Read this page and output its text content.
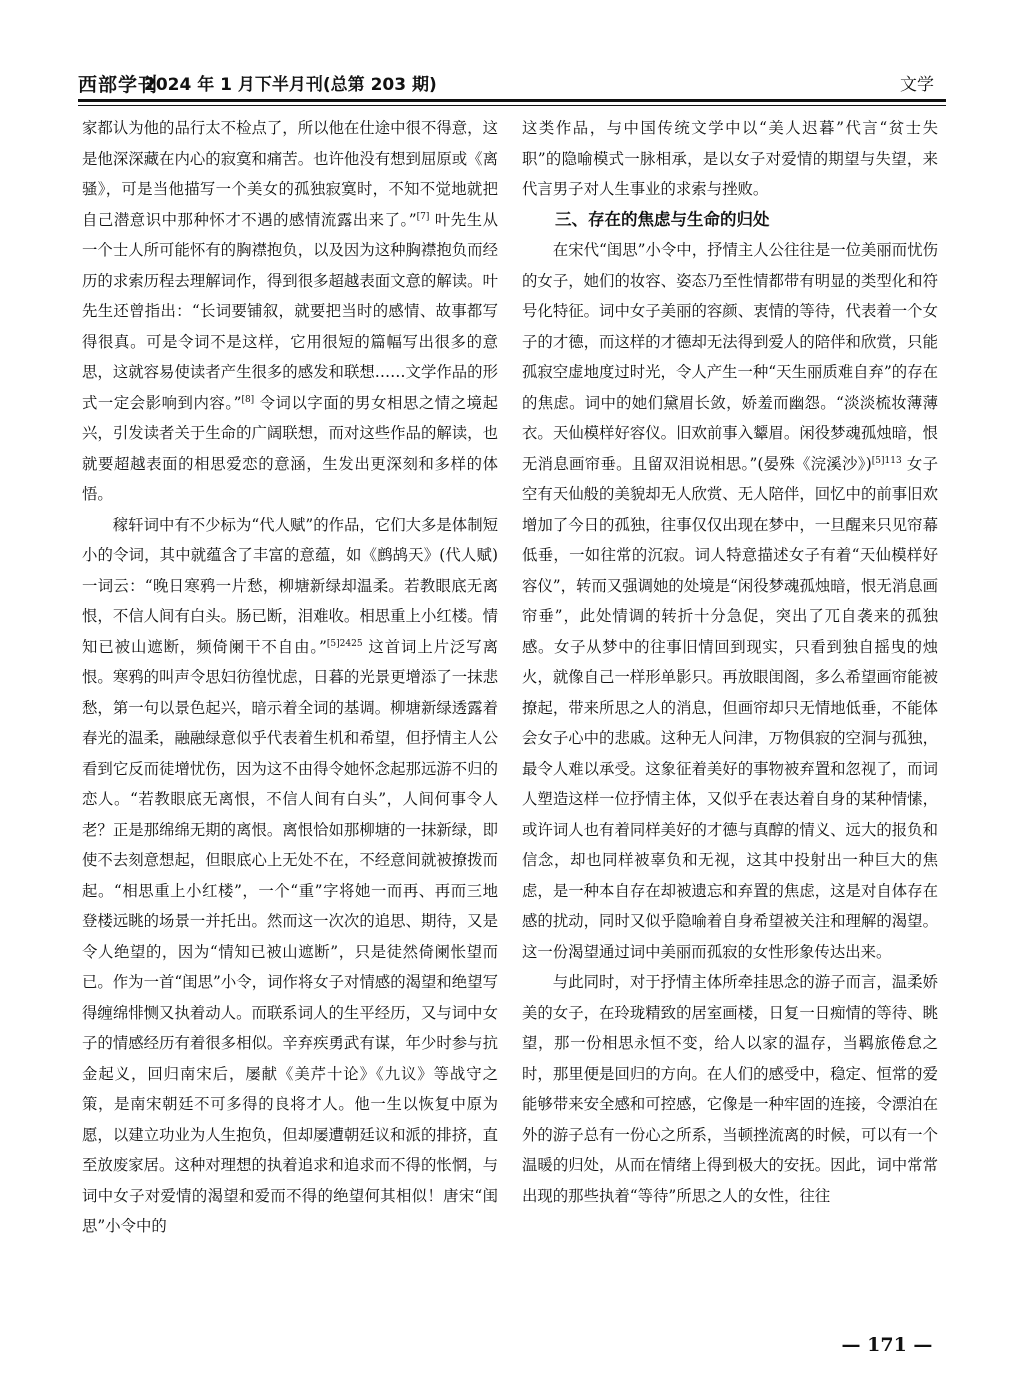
西部学刊
2024 年 1 月下半月刊(总第 203 期)	文学

家都认为他的品行太不检点了，所以他在仕途中很不得意，这是他深深藏在内心的寂寞和痛苦。也许他没有想到屈原或《离骚》，可是当他描写一个美女的孤独寂寞时，不知不觉地就把自己潜意识中那种怀才不遇的感情流露出来了。”[7] 叶先生从一个士人所可能怀有的胸襟抱负，以及因为这种胸襟抱负而经历的求索历程去理解词作，得到很多超越表面文意的解读。叶先生还曾指出：“长词要铺叙，就要把当时的感情、故事都写得很真。可是令词不是这样，它用很短的篇幅写出很多的意思，这就容易使读者产生很多的感发和联想……文学作品的形式一定会影响到内容。”[8] 令词以字面的男女相思之情之境起兴，引发读者关于生命的广阔联想，而对这些作品的解读，也就要超越表面的相思爱恋的意涵，生发出更深刻和多样的体悟。

稼轩词中有不少标为“代人赋”的作品，它们大多是体制短小的令词，其中就蕴含了丰富的意蕴，如《鹧鸪天》(代人赋)一词云：“晚日寒鸦一片愁，柳塘新绿却温柔。若教眼底无离恨，不信人间有白头。肠已断，泪难收。相思重上小红楼。情知已被山遮断，频倚阑干不自由。”$^{[5]2425}$ 这首词上片泛写离恨。寒鸦的叫声令思妇彷徨忧虑，日暮的光景更增添了一抹悲愁，第一句以景色起兴，暗示着全词的基调。柳塘新绿透露着春光的温柔，融融绿意似乎代表着生机和希望，但抒情主人公看到它反而徒增忧伤，因为这不由得令她怀念起那远游不归的恋人。“若教眼底无离恨，不信人间有白头”，人间何事令人老？正是那绵绵无期的离恨。离恨恰如那柳塘的一抹新绿，即使不去刻意想起，但眼底心上无处不在，不经意间就被撩拨而起。“相思重上小红楼”，一个“重”字将她一而再、再而三地登楼远眺的场景一并托出。然而这一次次的追思、期待，又是令人绝望的，因为“情知已被山遮断”，只是徒然倚阑怅望而已。作为一首“闺思”小令，词作将女子对情感的渴望和绝望写得缠绵悱恻又执着动人。而联系词人的生平经历，又与词中女子的情感经历有着很多相似。辛弃疾勇武有谋，年少时参与抗金起义，回归南宋后，屡献《美芹十论》《九议》等战守之策，是南宋朝廷不可多得的良将才人。他一生以恢复中原为愿，以建立功业为人生抱负，但却屡遭朝廷议和派的排挤，直至放废家居。这种对理想的执着追求和追求而不得的怅惘，与词中女子对爱情的渴望和爱而不得的绝望何其相似！唐宋“闺思”小令中的

这类作品，与中国传统文学中以“美人迟暮”代言“贫士失职”的隐喻模式一脉相承，是以女子对爱情的期望与失望，来代言男子对人生事业的求索与挫败。

三、存在的焦虑与生命的归处

在宋代“闺思”小令中，抒情主人公往往是一位美丽而忧伤的女子，她们的妆容、姿态乃至性情都带有明显的类型化和符号化特征。词中女子美丽的容颜、衷情的等待，代表着一个女子的才德，而这样的才德却无法得到爱人的陪伴和欣赏，只能孤寂空虚地度过时光，令人产生一种“天生丽质难自弃”的存在的焦虑。词中的她们黛眉长敛，娇羞而幽怨。“淡淡梳妆薄薄衣。天仙模样好容仪。旧欢前事入颦眉。闲役梦魂孤烛暗，恨无消息画帘垂。且留双泪说相思。”(晏殊《浣溪沙》)$^{[5]113}$ 女子空有天仙般的美貌却无人欣赏、无人陪伴，回忆中的前事旧欢增加了今日的孤独，往事仅仅出现在梦中，一旦醒来只见帘幕低垂，一如往常的沉寂。词人特意描述女子有着“天仙模样好容仪”，转而又强调她的处境是“闲役梦魂孤烛暗，恨无消息画帘垂”，此处情调的转折十分急促，突出了兀自袭来的孤独感。女子从梦中的往事旧情回到现实，只看到独自摇曳的烛火，就像自己一样形单影只。再放眼闺阁，多么希望画帘能被撩起，带来所思之人的消息，但画帘却只无情地低垂，不能体会女子心中的悲戚。这种无人问津，万物俱寂的空洞与孤独，最令人难以承受。这象征着美好的事物被弃置和忽视了，而词人塑造这样一位抒情主体，又似乎在表达着自身的某种情愫，或许词人也有着同样美好的才德与真醇的情义、远大的报负和信念，却也同样被辜负和无视，这其中投射出一种巨大的焦虑，是一种本自存在却被遗忘和弃置的焦虑，这是对自体存在感的扰动，同时又似乎隐喻着自身希望被关注和理解的渴望。这一份渴望通过词中美丽而孤寂的女性形象传达出来。

与此同时，对于抒情主体所牵挂思念的游子而言，温柔娇美的女子，在玲珑精致的居室画楼，日复一日痴情的等待、眺望，那一份相思永恒不变，给人以家的温存，当羁旅倦怠之时，那里便是回归的方向。在人们的感受中，稳定、恒常的爱能够带来安全感和可控感，它像是一种牢固的连接，令漂泊在外的游子总有一份心之所系，当顿挫流离的时候，可以有一个温暖的归处，从而在情绪上得到极大的安抚。因此，词中常常出现的那些执着“等待”所思之人的女性，往往

— 171 —
